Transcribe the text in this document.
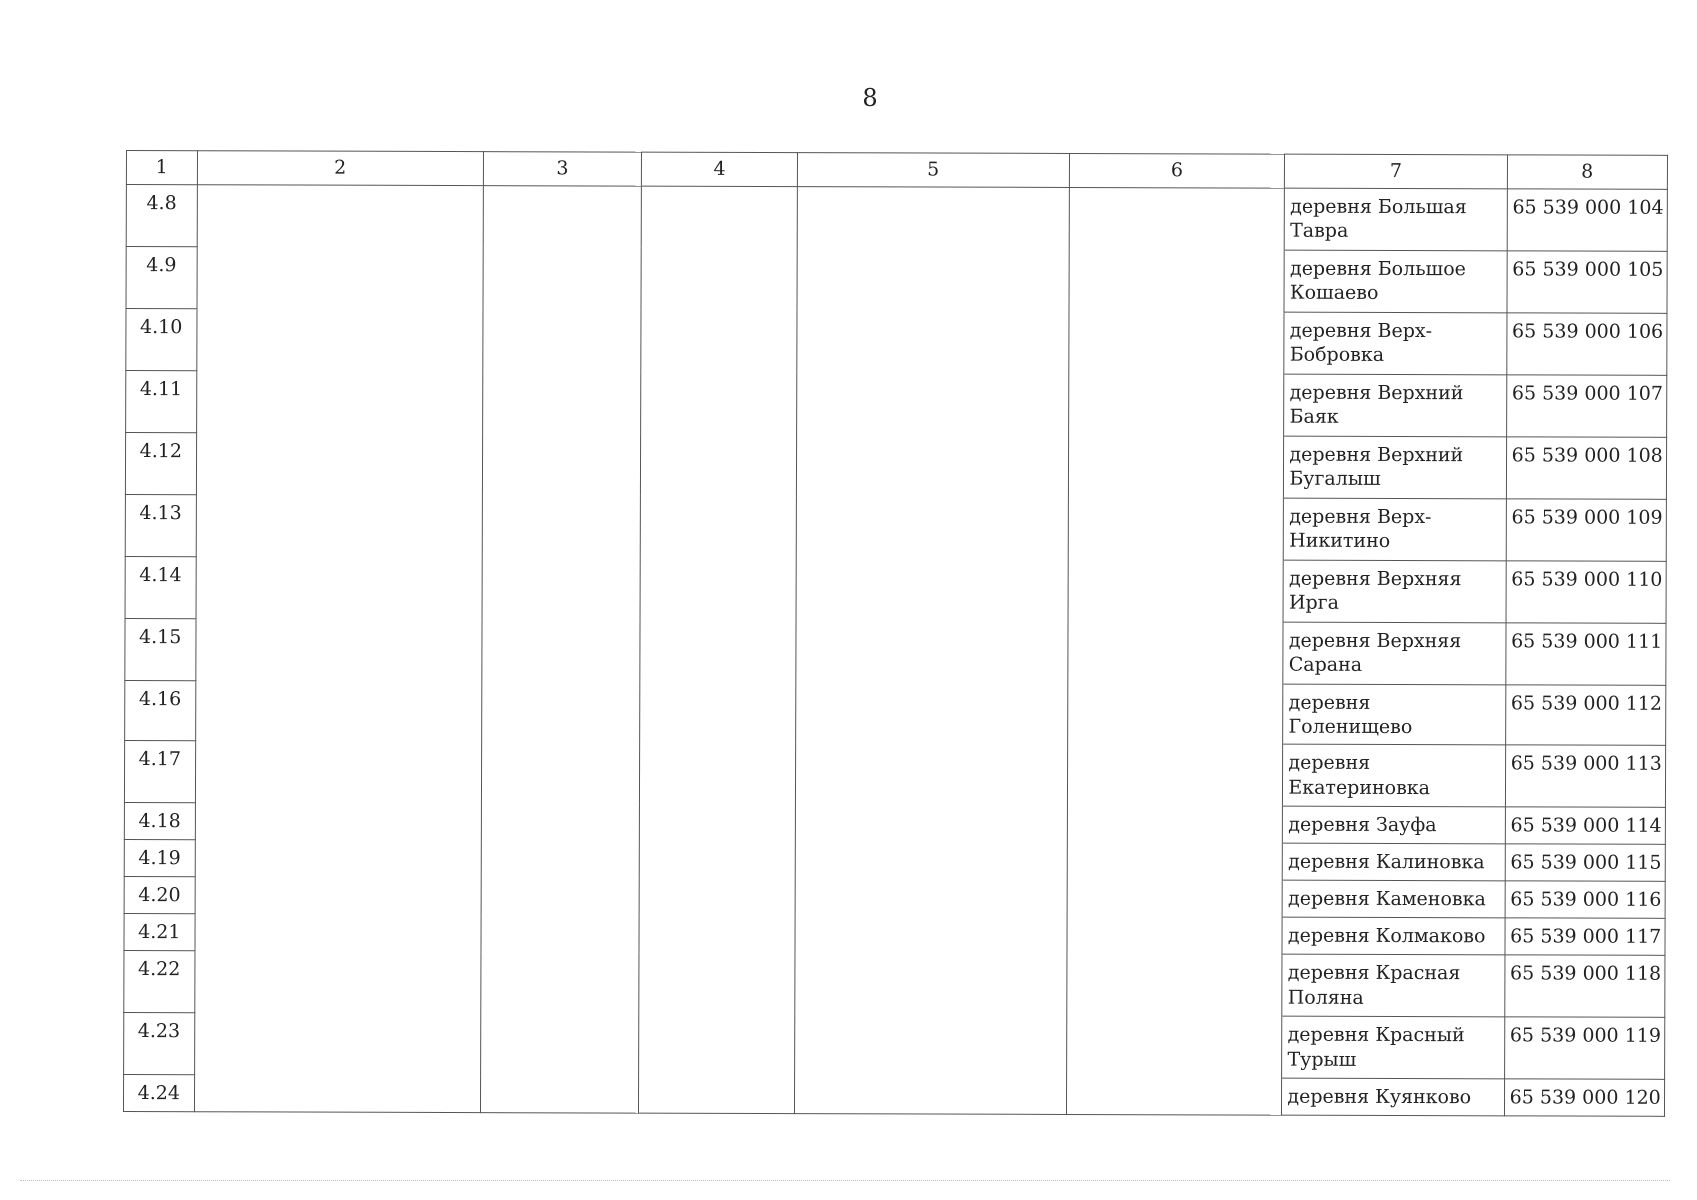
8
1	2	3	4	5	6	7	8
4.8						деревня Большая Тавра	65 539 000 104
4.9						деревня Большое Кошаево	65 539 000 105
4.10						деревня Верх-Бобровка	65 539 000 106
4.11						деревня Верхний Баяк	65 539 000 107
4.12						деревня Верхний Бугалыш	65 539 000 108
4.13						деревня Верх-Никитино	65 539 000 109
4.14						деревня Верхняя Ирга	65 539 000 110
4.15						деревня Верхняя Сарана	65 539 000 111
4.16						деревня Голенищево	65 539 000 112
4.17						деревня Екатериновка	65 539 000 113
4.18						деревня Зауфа	65 539 000 114
4.19						деревня Калиновка	65 539 000 115
4.20						деревня Каменовка	65 539 000 116
4.21						деревня Колмаково	65 539 000 117
4.22						деревня Красная Поляна	65 539 000 118
4.23						деревня Красный Турыш	65 539 000 119
4.24						деревня Куянково	65 539 000 120
